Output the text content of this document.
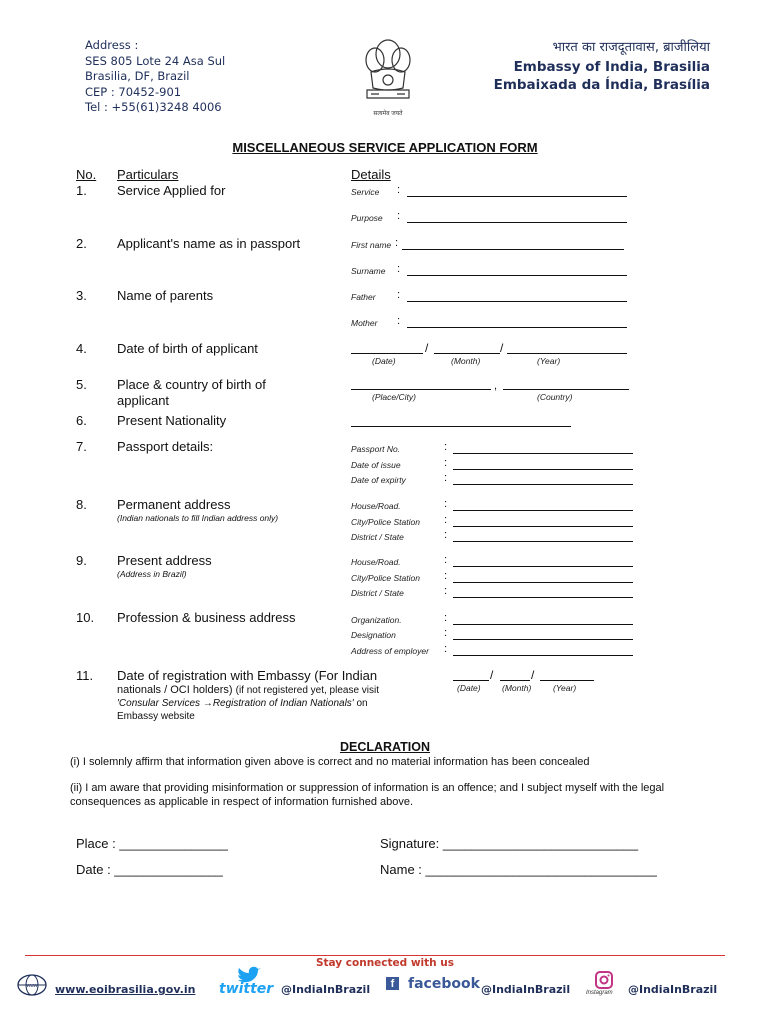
Address :
SES 805 Lote 24 Asa Sul
Brasilia, DF, Brazil
CEP : 70452-901
Tel : +55(61)3248 4006	सत्यमेव जयते
भारत का राजदूतावास, ब्राजीलिया
Embassy of India, Brasilia
Embaixada da Índia, Brasília
MISCELLANEOUS SERVICE APPLICATION FORM
No. Particulars	Details
1. Service Applied for	Service :
Purpose :
2. Applicant's name as in passport	First name :
Surname :
3. Name of parents	Father :
Mother :
4. Date of birth of applicant	/	/
(Date)	(Month)	(Year)
5. Place & country of birth of
applicant
,
(Place/City)	(Country)
6. Present Nationality
7. Passport details:	Passport No.	:
Date of issue	:
Date of expirty	:
8. Permanent address
(Indian nationals to fill Indian address only)
House/Road.	:
City/Police Station :
District / State	:
9. Present address
(Address in Brazil)
House/Road.	:
City/Police Station :
District / State	:
10. Profession & business address	Organization.	:
Designation	:
Address of employer :
11. Date of registration with Embassy (For Indian
nationals / OCI holders) (if not registered yet, please visit
'Consular Services →Registration of Indian Nationals' on
Embassy website
/	/
(Date)	(Month)	(Year)
DECLARATION
(i) I solemnly affirm that information given above is correct and no material information has been concealed
(ii) I am aware that providing misinformation or suppression of information is an offence; and I subject myself with the legal consequences as applicable in respect of information furnished above.
Place : _______________
Date : _______________
Signature: ___________________________
Name : ________________________________
Stay connected with us
www www.eoibrasilia.gov.in twitter @IndiaInBrazil	f facebook @IndiaInBrazil	Instagram @IndiaInBrazil
